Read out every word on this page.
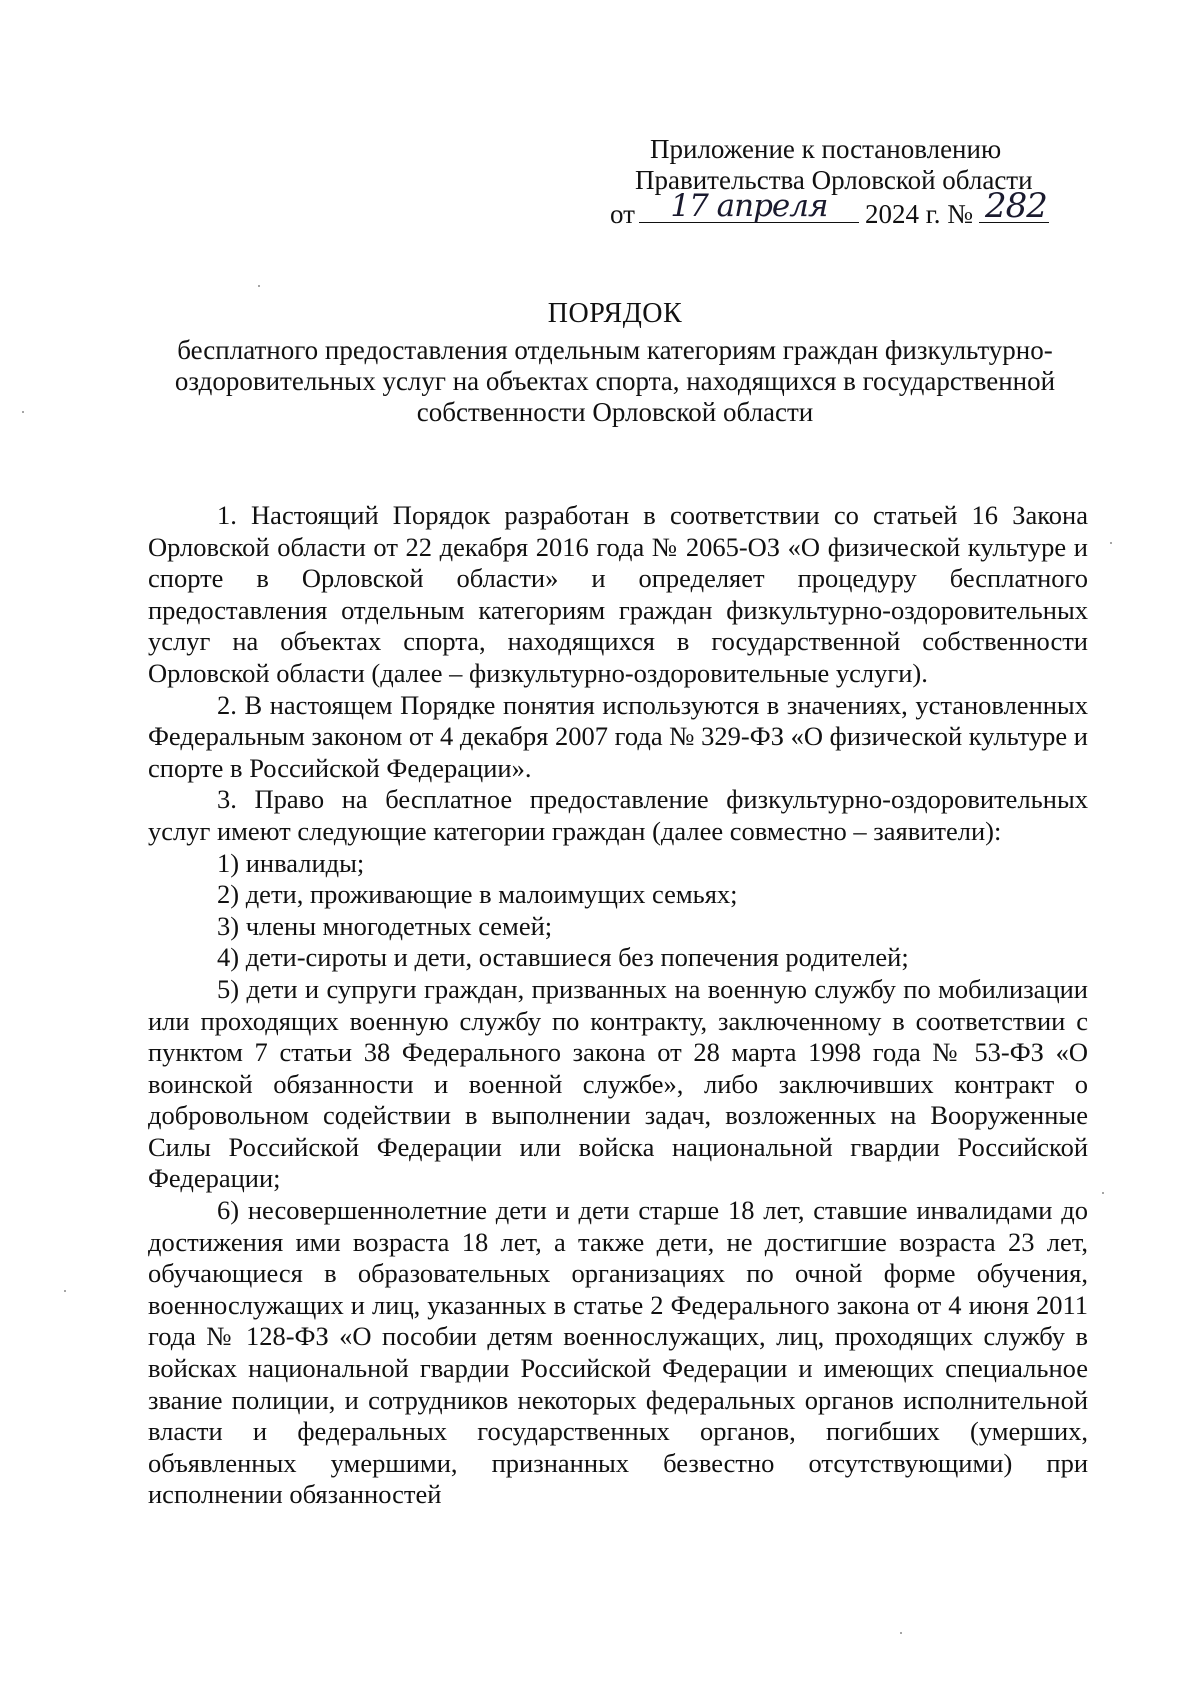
Приложение к постановлению
Правительства Орловской области
от	17 апреля	2024 г. № 282
ПОРЯДОК
бесплатного предоставления отдельным категориям граждан физкультурно-оздоровительных услуг на объектах спорта, находящихся в государственной собственности Орловской области

1. Настоящий Порядок разработан в соответствии со статьей 16 Закона Орловской области от 22 декабря 2016 года № 2065-ОЗ «О физической культуре и спорте в Орловской области» и определяет процедуру бесплатного предоставления отдельным категориям граждан физкультурно-оздоровительных услуг на объектах спорта, находящихся в государственной собственности Орловской области (далее – физкультурно-оздоровительные услуги).

2. В настоящем Порядке понятия используются в значениях, установленных Федеральным законом от 4 декабря 2007 года № 329-ФЗ «О физической культуре и спорте в Российской Федерации».

3. Право на бесплатное предоставление физкультурно-оздоровительных услуг имеют следующие категории граждан (далее совместно – заявители):

1) инвалиды;

2) дети, проживающие в малоимущих семьях;

3) члены многодетных семей;

4) дети-сироты и дети, оставшиеся без попечения родителей;

5) дети и супруги граждан, призванных на военную службу по мобилизации или проходящих военную службу по контракту, заключенному в соответствии с пунктом 7 статьи 38 Федерального закона от 28 марта 1998 года № 53-ФЗ «О воинской обязанности и военной службе», либо заключивших контракт о добровольном содействии в выполнении задач, возложенных на Вооруженные Силы Российской Федерации или войска национальной гвардии Российской Федерации;

6) несовершеннолетние дети и дети старше 18 лет, ставшие инвалидами до достижения ими возраста 18 лет, а также дети, не достигшие возраста 23 лет, обучающиеся в образовательных организациях по очной форме обучения, военнослужащих и лиц, указанных в статье 2 Федерального закона от 4 июня 2011 года № 128-ФЗ «О пособии детям военнослужащих, лиц, проходящих службу в войсках национальной гвардии Российской Федерации и имеющих специальное звание полиции, и сотрудников некоторых федеральных органов исполнительной власти и федеральных государственных органов, погибших (умерших, объявленных умершими, признанных безвестно отсутствующими) при исполнении обязанностей
